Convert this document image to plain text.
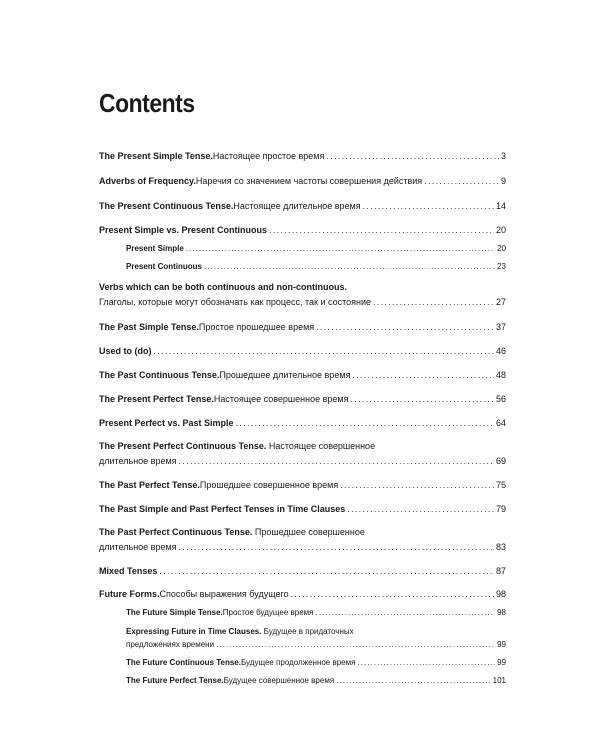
Contents
The Present Simple Tense. Настоящее простое время . . .	3
Adverbs of Frequency. Наречия со значением частоты совершения действия . . .	9
The Present Continuous Tense. Настоящее длительное время . . .	14
Present Simple vs. Present Continuous . . .	20
Present Simple . . .	20
Present Continuous . . .	23
Verbs which can be both continuous and non-continuous.
Глаголы, которые могут обозначать как процесс, так и состояние . . .	27
The Past Simple Tense. Простое прошедшее время . . .	37
Used to (do) . . .	46
The Past Continuous Tense. Прошедшее длительное время . . .	48
The Present Perfect Tense. Настоящее совершенное время . . .	56
Present Perfect vs. Past Simple . . .	64
The Present Perfect Continuous Tense. Настоящее совершенное
длительное время . . .	69
The Past Perfect Tense. Прошедшее совершенное время . . .	75
The Past Simple and Past Perfect Tenses in Time Clauses . . .	79
The Past Perfect Continuous Tense. Прошедшее совершенное
длительное время . . .	83
Mixed Tenses . . .	87
Future Forms. Способы выражения будущего . . .	98
The Future Simple Tense. Простое будущее время . . .	98
Expressing Future in Time Clauses. Будущее в придаточных
предложениях времени . . .	99
The Future Continuous Tense. Будущее продолженное время . . .	99
The Future Perfect Tense. Будущее совершенное время . . .	101
